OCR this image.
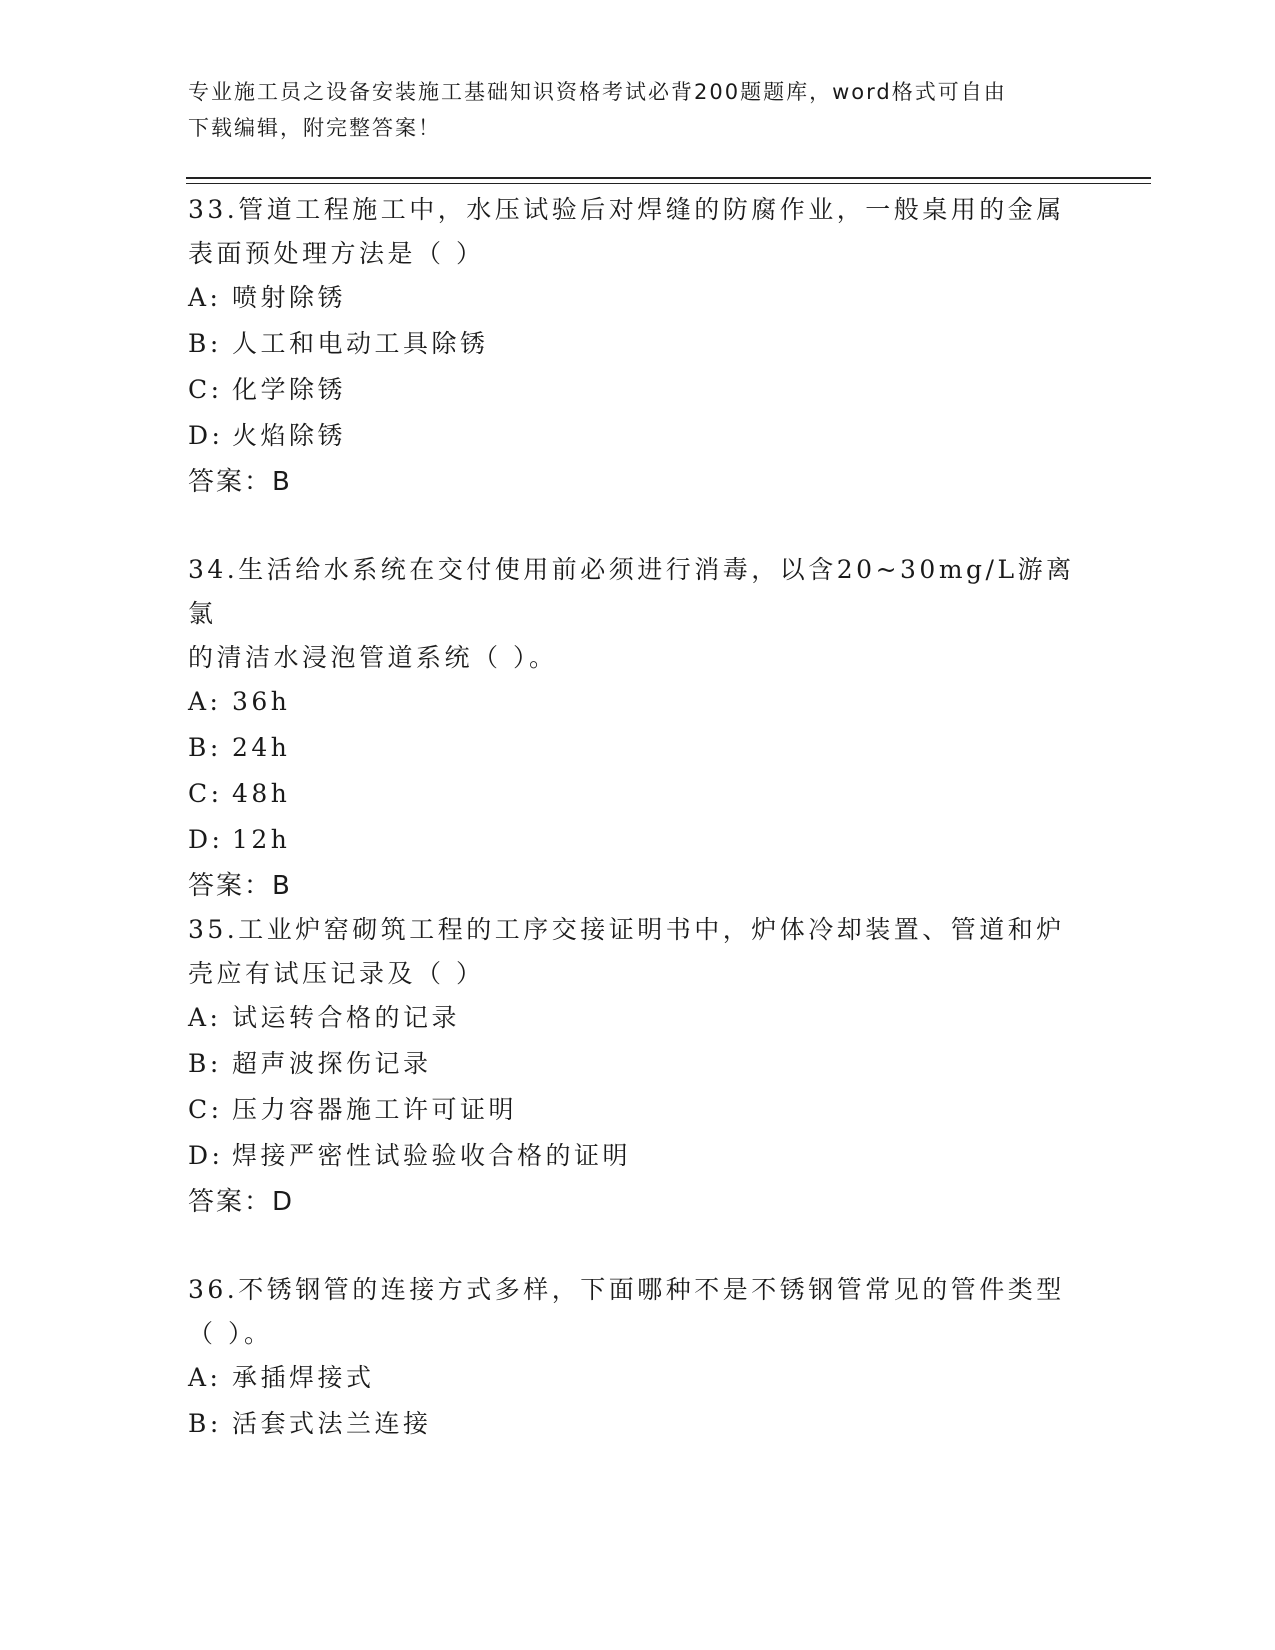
专业施工员之设备安装施工基础知识资格考试必背200题题库，word格式可自由
下载编辑，附完整答案！
33.管道工程施工中，水压试验后对焊缝的防腐作业，一般桌用的金属
表面预处理方法是（ ）
A: 喷射除锈
B: 人工和电动工具除锈
C: 化学除锈
D: 火焰除锈
答案：B
34.生活给水系统在交付使用前必须进行消毒，以含20~30mg/L游离氯
的清洁水浸泡管道系统（ ）。
A: 36h
B: 24h
C: 48h
D: 12h
答案：B
35.工业炉窑砌筑工程的工序交接证明书中，炉体冷却装置、管道和炉
壳应有试压记录及（ ）
A: 试运转合格的记录
B: 超声波探伤记录
C: 压力容器施工许可证明
D: 焊接严密性试验验收合格的证明
答案：D
36.不锈钢管的连接方式多样，下面哪种不是不锈钢管常见的管件类型
（ ）。
A: 承插焊接式
B: 活套式法兰连接
